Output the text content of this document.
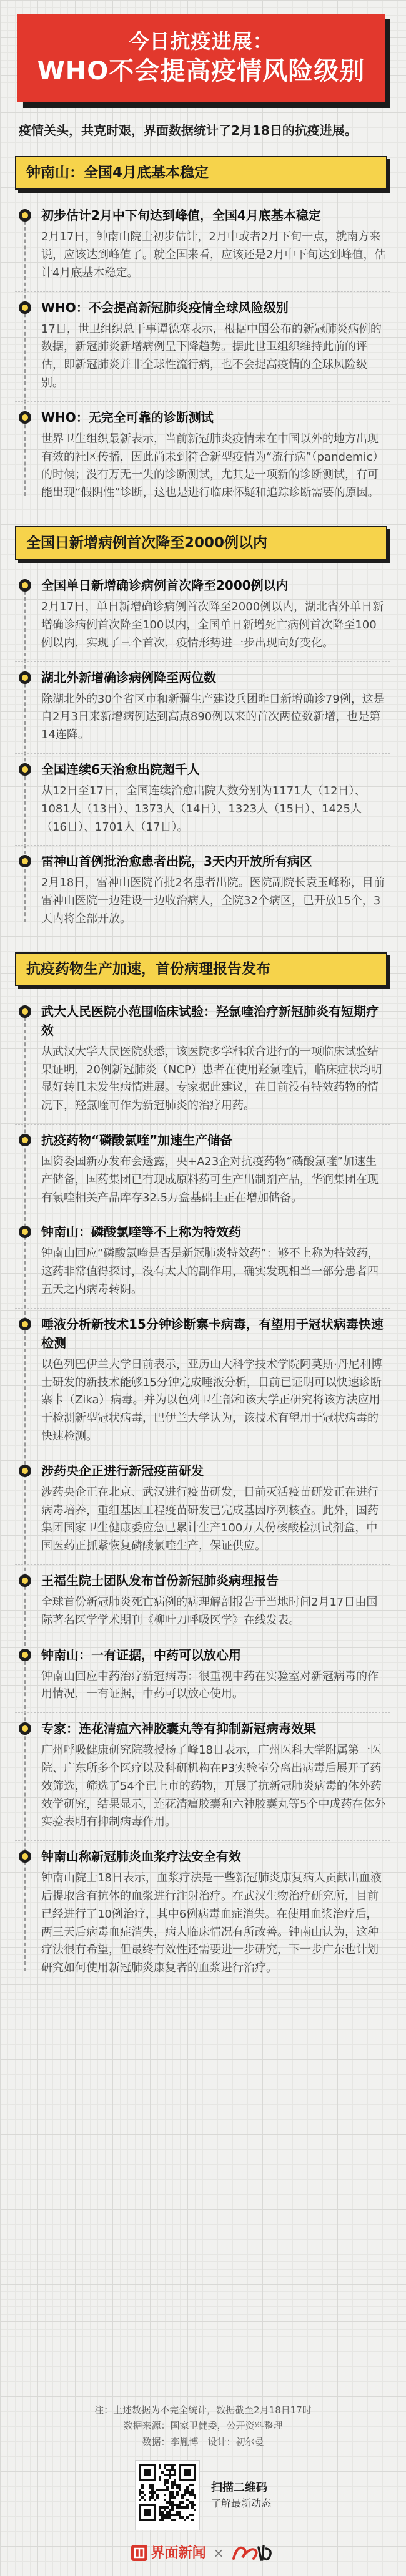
今日抗疫进展：
WHO不会提高疫情风险级别
疫情关头，共克时艰，界面数据统计了2月18日的抗疫进展。
钟南山：全国4月底基本稳定
初步估计2月中下旬达到峰值，全国4月底基本稳定
2月17日，钟南山院士初步估计，2月中或者2月下旬一点，就南方来说，应该达到峰值了。就全国来看，应该还是2月中下旬达到峰值，估计4月底基本稳定。
WHO：不会提高新冠肺炎疫情全球风险级别
17日，世卫组织总干事谭德塞表示，根据中国公布的新冠肺炎病例的数据，新冠肺炎新增病例呈下降趋势。据此世卫组织维持此前的评估，即新冠肺炎并非全球性流行病，也不会提高疫情的全球风险级别。
WHO：无完全可靠的诊断测试
世界卫生组织最新表示，当前新冠肺炎疫情未在中国以外的地方出现有效的社区传播，因此尚未到符合新型疫情为“流行病”（pandemic）的时候；没有万无一失的诊断测试，尤其是一项新的诊断测试，有可能出现“假阴性”诊断，这也是进行临床怀疑和追踪诊断需要的原因。
全国日新增病例首次降至2000例以内
全国单日新增确诊病例首次降至2000例以内
2月17日，单日新增确诊病例首次降至2000例以内，湖北省外单日新增确诊病例首次降至100以内，全国单日新增死亡病例首次降至100例以内，实现了三个首次，疫情形势进一步出现向好变化。
湖北外新增确诊病例降至两位数
除湖北外的30个省区市和新疆生产建设兵团昨日新增确诊79例，这是自2月3日来新增病例达到高点890例以来的首次两位数新增，也是第14连降。
全国连续6天治愈出院超千人
从12日至17日，全国连续治愈出院人数分别为1171人（12日）、1081人（13日）、1373人（14日）、1323人（15日）、1425人（16日）、1701人（17日）。
雷神山首例批治愈患者出院，3天内开放所有病区
2月18日，雷神山医院首批2名患者出院。医院副院长袁玉峰称，目前雷神山医院一边建设一边收治病人，全院32个病区，已开放15个，3天内将全部开放。
抗疫药物生产加速，首份病理报告发布
武大人民医院小范围临床试验：羟氯喹治疗新冠肺炎有短期疗效
从武汉大学人民医院获悉，该医院多学科联合进行的一项临床试验结果证明，20例新冠肺炎（NCP）患者在使用羟氯喹后，临床症状均明显好转且未发生病情进展。专家据此建议，在目前没有特效药物的情况下，羟氯喹可作为新冠肺炎的治疗用药。
抗疫药物“磷酸氯喹”加速生产储备
国资委国新办发布会透露，央+A23企对抗疫药物“磷酸氯喹”加速生产储备，国药集团已有现成原料药可生产出制剂产品，华润集团在现有氯喹相关产品库存32.5万盒基础上正在增加储备。
钟南山：磷酸氯喹等不上称为特效药
钟南山回应“磷酸氯喹是否是新冠肺炎特效药”：够不上称为特效药，这药非常值得探讨，没有太大的副作用，确实发现相当一部分患者四五天之内病毒转阴。
唾液分析新技术15分钟诊断寨卡病毒，有望用于冠状病毒快速检测
以色列巴伊兰大学日前表示，亚历山大科学技术学院阿莫斯·丹尼利博士研发的新技术能够15分钟完成唾液分析，目前已证明可以快速诊断寨卡（Zika）病毒。并为以色列卫生部和该大学正研究将该方法应用于检测新型冠状病毒，巴伊兰大学认为，该技术有望用于冠状病毒的快速检测。
涉药央企正进行新冠疫苗研发
涉药央企正在北京、武汉进行疫苗研发，目前灭活疫苗研发正在进行病毒培养，重组基因工程疫苗研发已完成基因序列核查。此外，国药集团国家卫生健康委应急已累计生产100万人份核酸检测试剂盒，中国医药正抓紧恢复磷酸氯喹生产，保证供应。
王福生院士团队发布首份新冠肺炎病理报告
全球首份新冠肺炎死亡病例的病理解剖报告于当地时间2月17日由国际著名医学学术期刊《柳叶刀呼吸医学》在线发表。
钟南山：一有证据，中药可以放心用
钟南山回应中药治疗新冠病毒：很重视中药在实验室对新冠病毒的作用情况，一有证据，中药可以放心使用。
专家：连花清瘟六神胶囊丸等有抑制新冠病毒效果
广州呼吸健康研究院教授杨子峰18日表示，广州医科大学附属第一医院、广东所多个医疗以及科研机构在P3实验室分离出病毒后展开了药效筛选，筛选了54个已上市的药物，开展了抗新冠肺炎病毒的体外药效学研究，结果显示，连花清瘟胶囊和六神胶囊丸等5个中成药在体外实验表明有抑制病毒作用。
钟南山称新冠肺炎血浆疗法安全有效
钟南山院士18日表示，血浆疗法是一些新冠肺炎康复病人贡献出血液后提取含有抗体的血浆进行注射治疗。在武汉生物治疗研究所，目前已经进行了10例治疗，其中6例病毒血症消失。在使用血浆治疗后，两三天后病毒血症消失，病人临床情况有所改善。钟南山认为，这种疗法很有希望，但最终有效性还需要进一步研究，下一步广东也计划研究如何使用新冠肺炎康复者的血浆进行治疗。
注：上述数据为不完全统计，数据截至2月18日17时
数据来源：国家卫健委，公开资料整理
数据：李胤博　设计：初尔曼
扫描二维码
了解最新动态
界面新闻 ×
